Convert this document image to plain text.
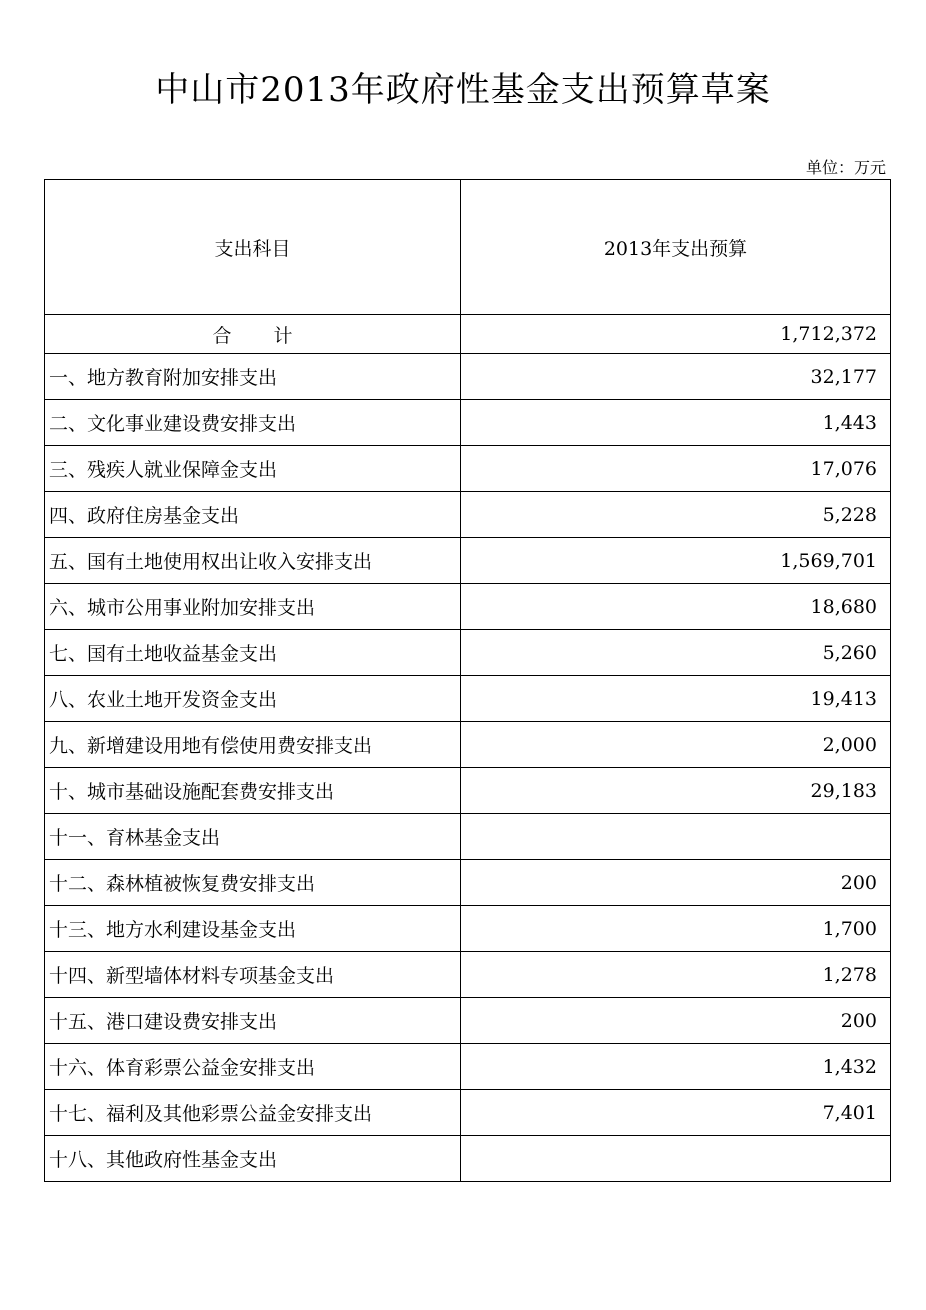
中山市2013年政府性基金支出预算草案
单位：万元
支出科目	2013年支出预算
合计	1,712,372
一、地方教育附加安排支出	32,177
二、文化事业建设费安排支出	1,443
三、残疾人就业保障金支出	17,076
四、政府住房基金支出	5,228
五、国有土地使用权出让收入安排支出	1,569,701
六、城市公用事业附加安排支出	18,680
七、国有土地收益基金支出	5,260
八、农业土地开发资金支出	19,413
九、新增建设用地有偿使用费安排支出	2,000
十、城市基础设施配套费安排支出	29,183
十一、育林基金支出	
十二、森林植被恢复费安排支出	200
十三、地方水利建设基金支出	1,700
十四、新型墙体材料专项基金支出	1,278
十五、港口建设费安排支出	200
十六、体育彩票公益金安排支出	1,432
十七、福利及其他彩票公益金安排支出	7,401
十八、其他政府性基金支出	
